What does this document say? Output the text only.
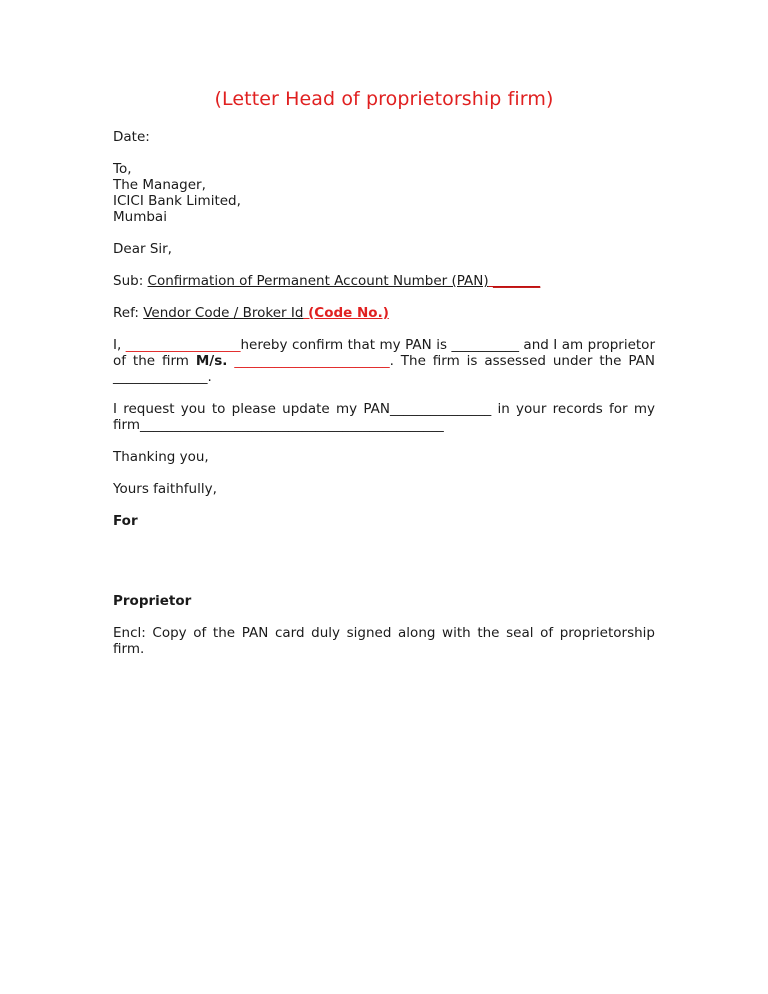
(Letter Head of proprietorship firm)

Date:

To,

The Manager,

ICICI Bank Limited,

Mumbai

Dear Sir,

Sub: Confirmation of Permanent Account Number (PAN) _______

Ref: Vendor Code / Broker Id (Code No.)

I, _________________hereby confirm that my PAN is __________ and I am proprietor of the firm M/s. _______________________. The firm is assessed under the PAN ______________.

I request you to please update my PAN_______________ in your records for my firm_____________________________________________

Thanking you,

Yours faithfully,

For

Proprietor

Encl: Copy of the PAN card duly signed along with the seal of proprietorship firm.
